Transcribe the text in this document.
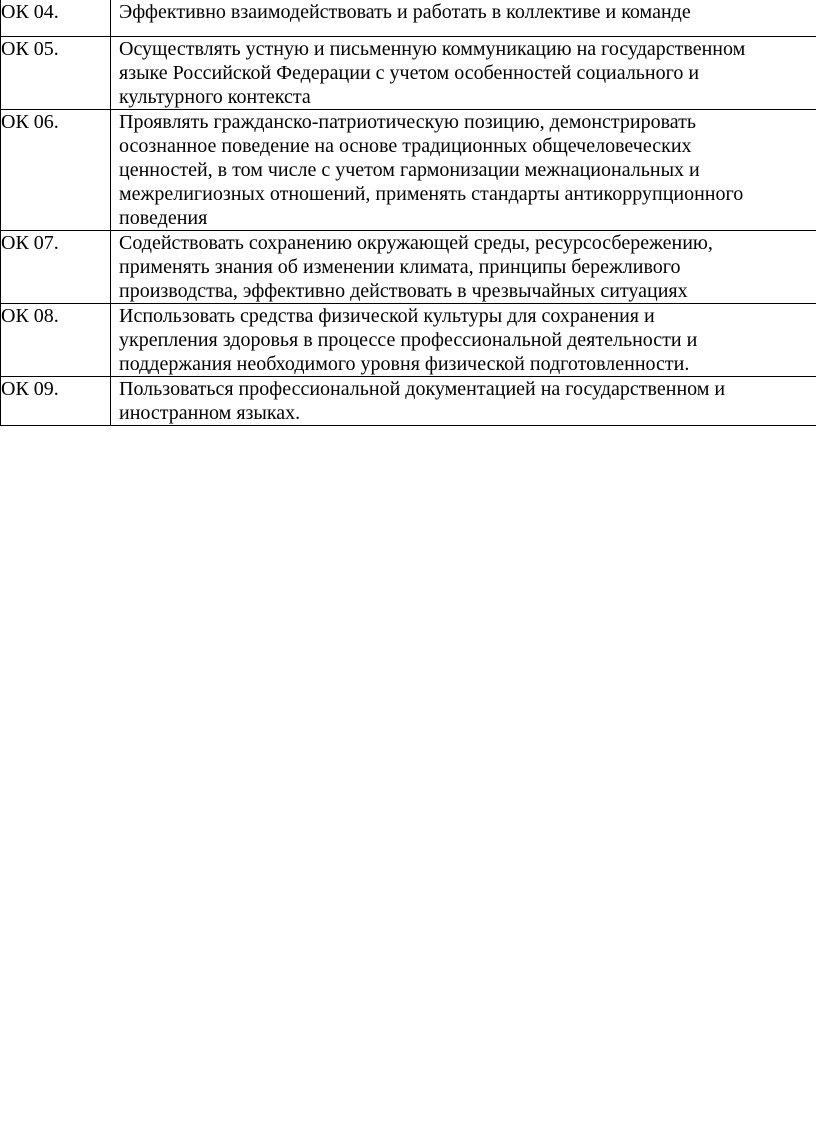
ОК 04.	Эффективно взаимодействовать и работать в коллективе и команде

ОК 05.	Осуществлять устную и письменную коммуникацию на государственном
языке Российской Федерации с учетом особенностей социального и
культурного контекста

ОК 06.	Проявлять гражданско-патриотическую позицию, демонстрировать
осознанное поведение на основе традиционных общечеловеческих
ценностей, в том числе с учетом гармонизации межнациональных и
межрелигиозных отношений, применять стандарты антикоррупционного
поведения

ОК 07.	Содействовать сохранению окружающей среды, ресурсосбережению,
применять знания об изменении климата, принципы бережливого
производства, эффективно действовать в чрезвычайных ситуациях

ОК 08.	Использовать средства физической культуры для сохранения и
укрепления здоровья в процессе профессиональной деятельности и
поддержания необходимого уровня физической подготовленности.

ОК 09.	Пользоваться профессиональной документацией на государственном и
иностранном языках.
